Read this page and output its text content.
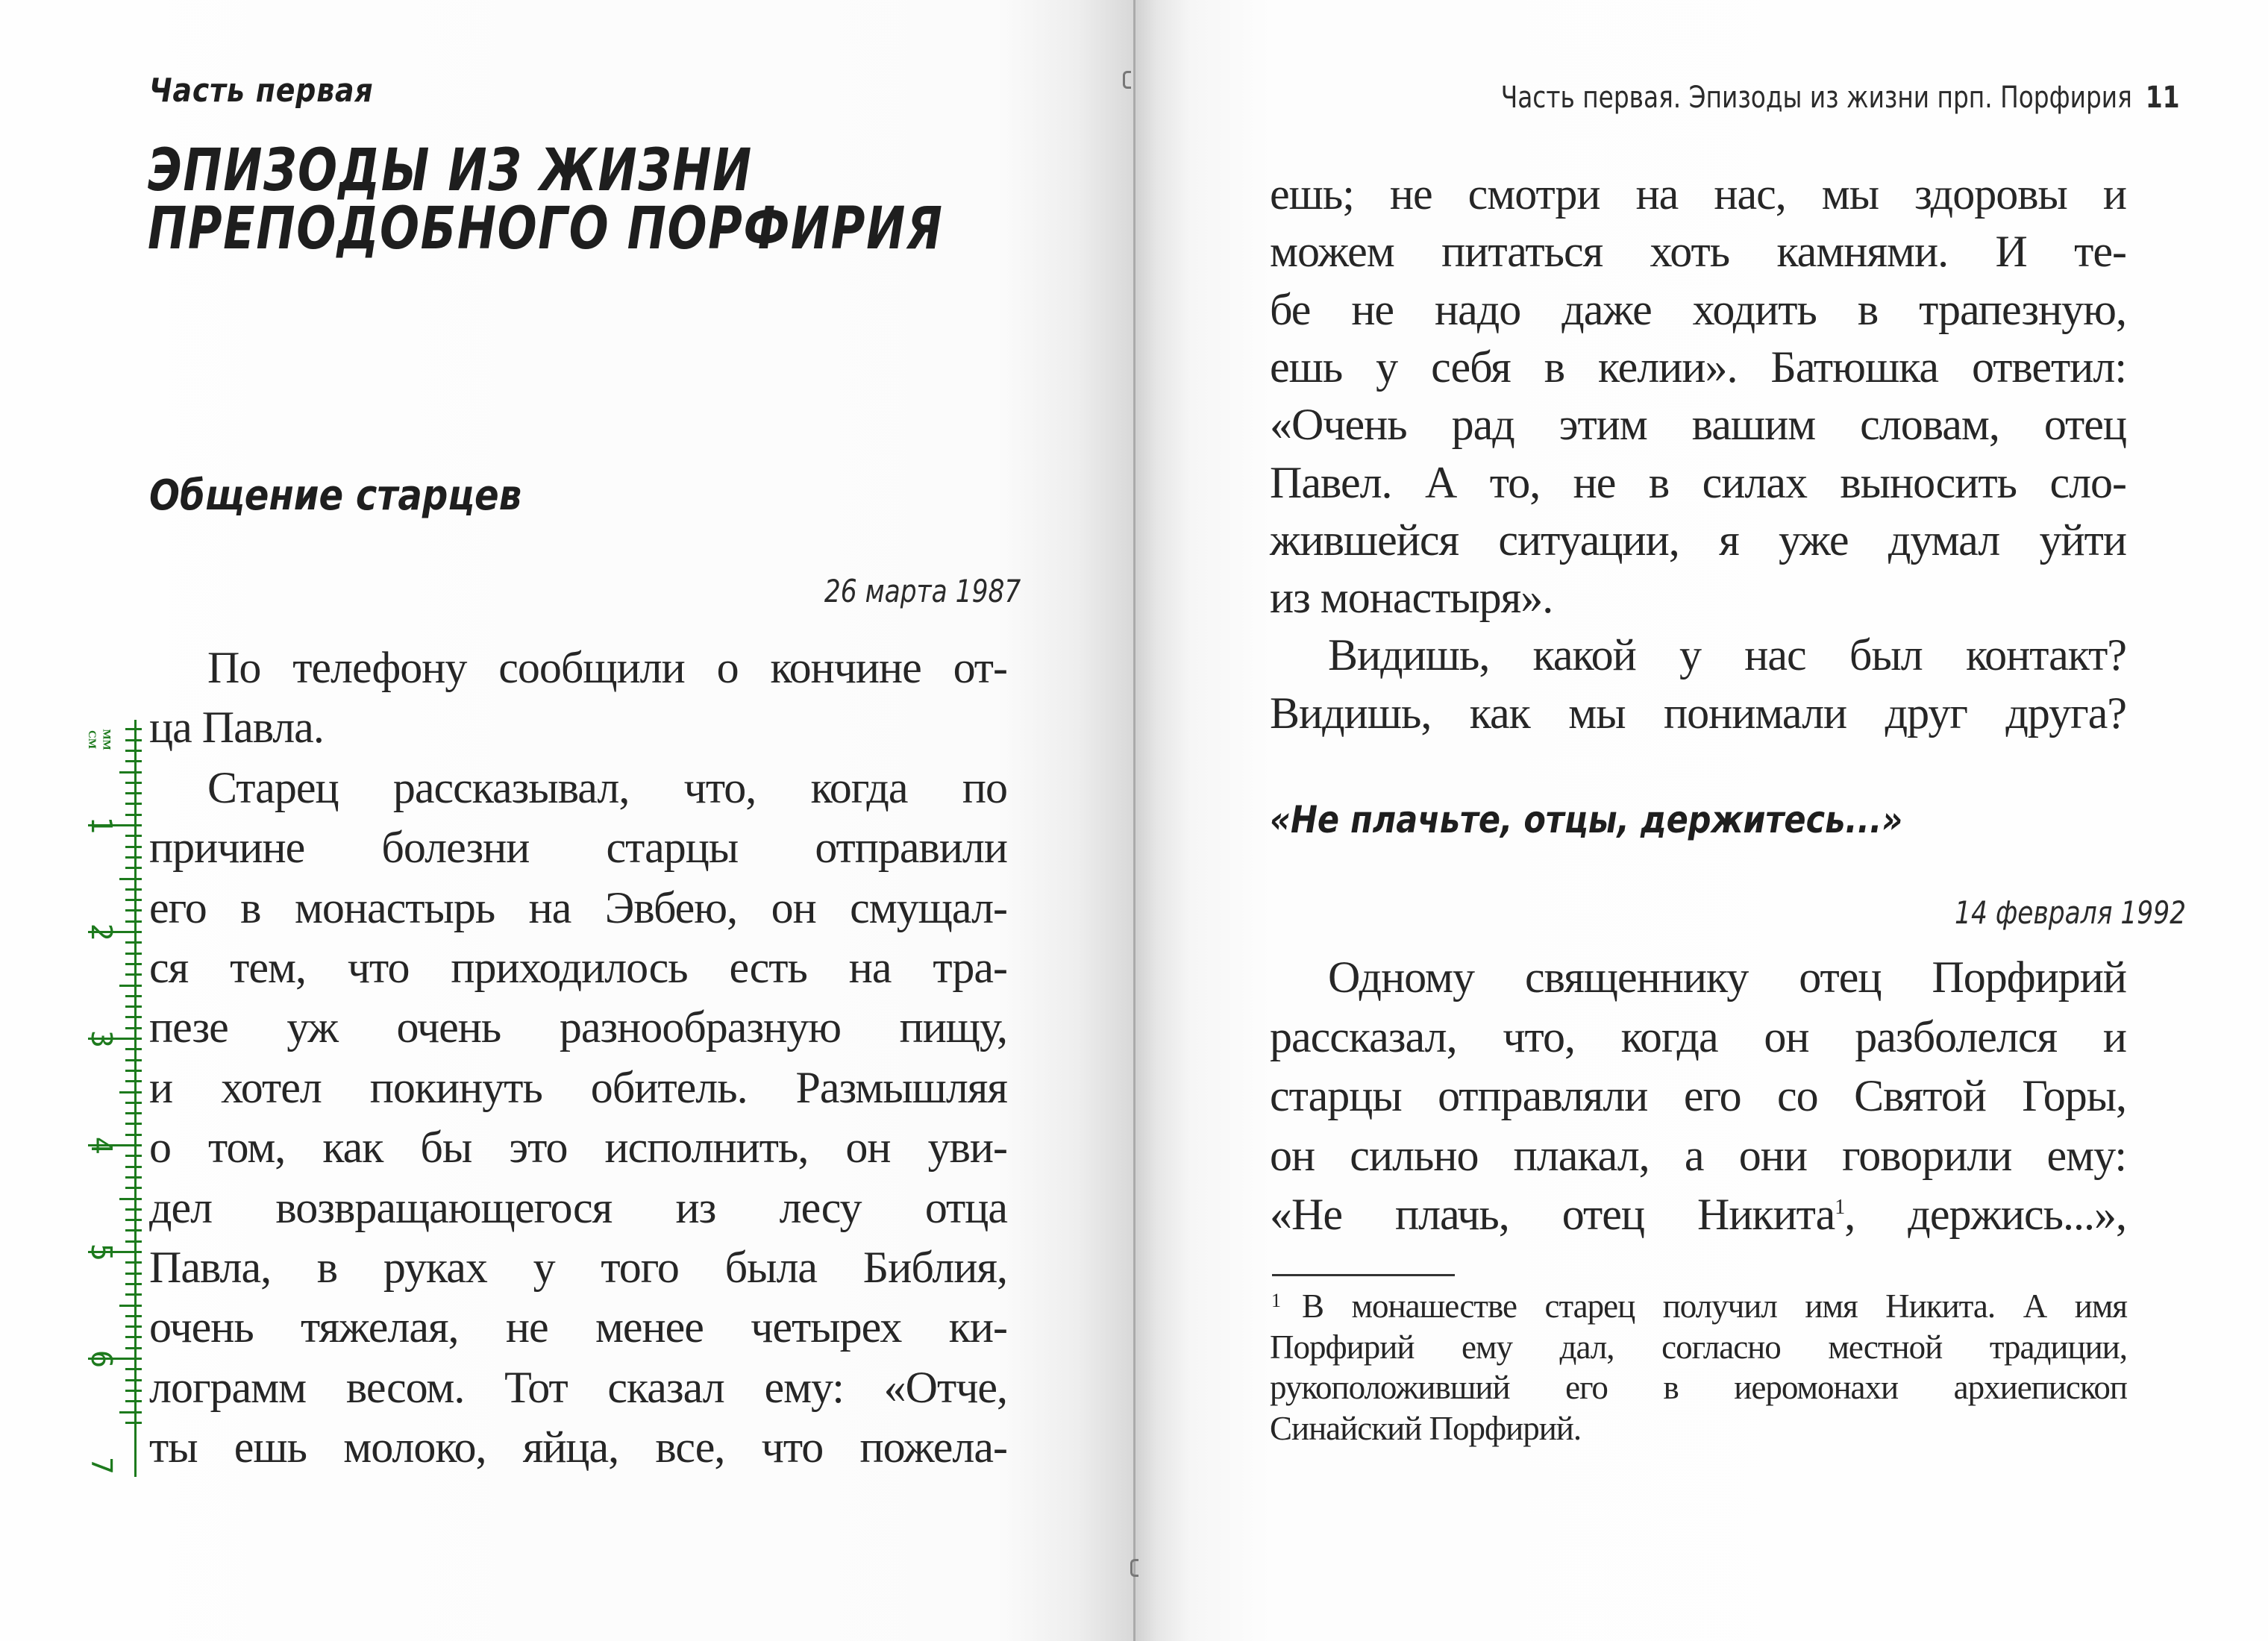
Часть первая
ЭПИЗОДЫ ИЗ ЖИЗНИ
ПРЕПОДОБНОГО ПОРФИРИЯ
Общение старцев
26 марта 1987
По телефону сообщили о кончине от-
ца Павла.
Старец рассказывал, что, когда по
причине болезни старцы отправили
его в монастырь на Эвбею, он смущал-
ся тем, что приходилось есть на тра-
пезе уж очень разнообразную пищу,
и хотел покинуть обитель. Размышляя
о том, как бы это исполнить, он уви-
дел возвращающегося из лесу отца
Павла, в руках у того была Библия,
очень тяжелая, не менее четырех ки-
лограмм весом. Тот сказал ему: «Отче,
ты ешь молоко, яйца, все, что пожела-
MM
CM
1
2
3
4
5
6
7
Часть первая. Эпизоды из жизни прп. Порфирия 11
ешь; не смотри на нас, мы здоровы и
можем питаться хоть камнями. И те-
бе не надо даже ходить в трапезную,
ешь у себя в келии». Батюшка ответил:
«Очень рад этим вашим словам, отец
Павел. А то, не в силах выносить сло-
жившейся ситуации, я уже думал уйти
из монастыря».
Видишь, какой у нас был контакт?
Видишь, как мы понимали друг друга?
«Не плачьте, отцы, держитесь...»
14 февраля 1992
Одному священнику отец Порфирий
рассказал, что, когда он разболелся и
старцы отправляли его со Святой Горы,
он сильно плакал, а они говорили ему:
«Не плачь, отец Никита$^1$, держись...»,
В монашестве старец получил имя Никита. А имя
Порфирий ему дал, согласно местной традиции,
рукоположивший его в иеромонахи архиепископ
Синайский Порфирий.
1
